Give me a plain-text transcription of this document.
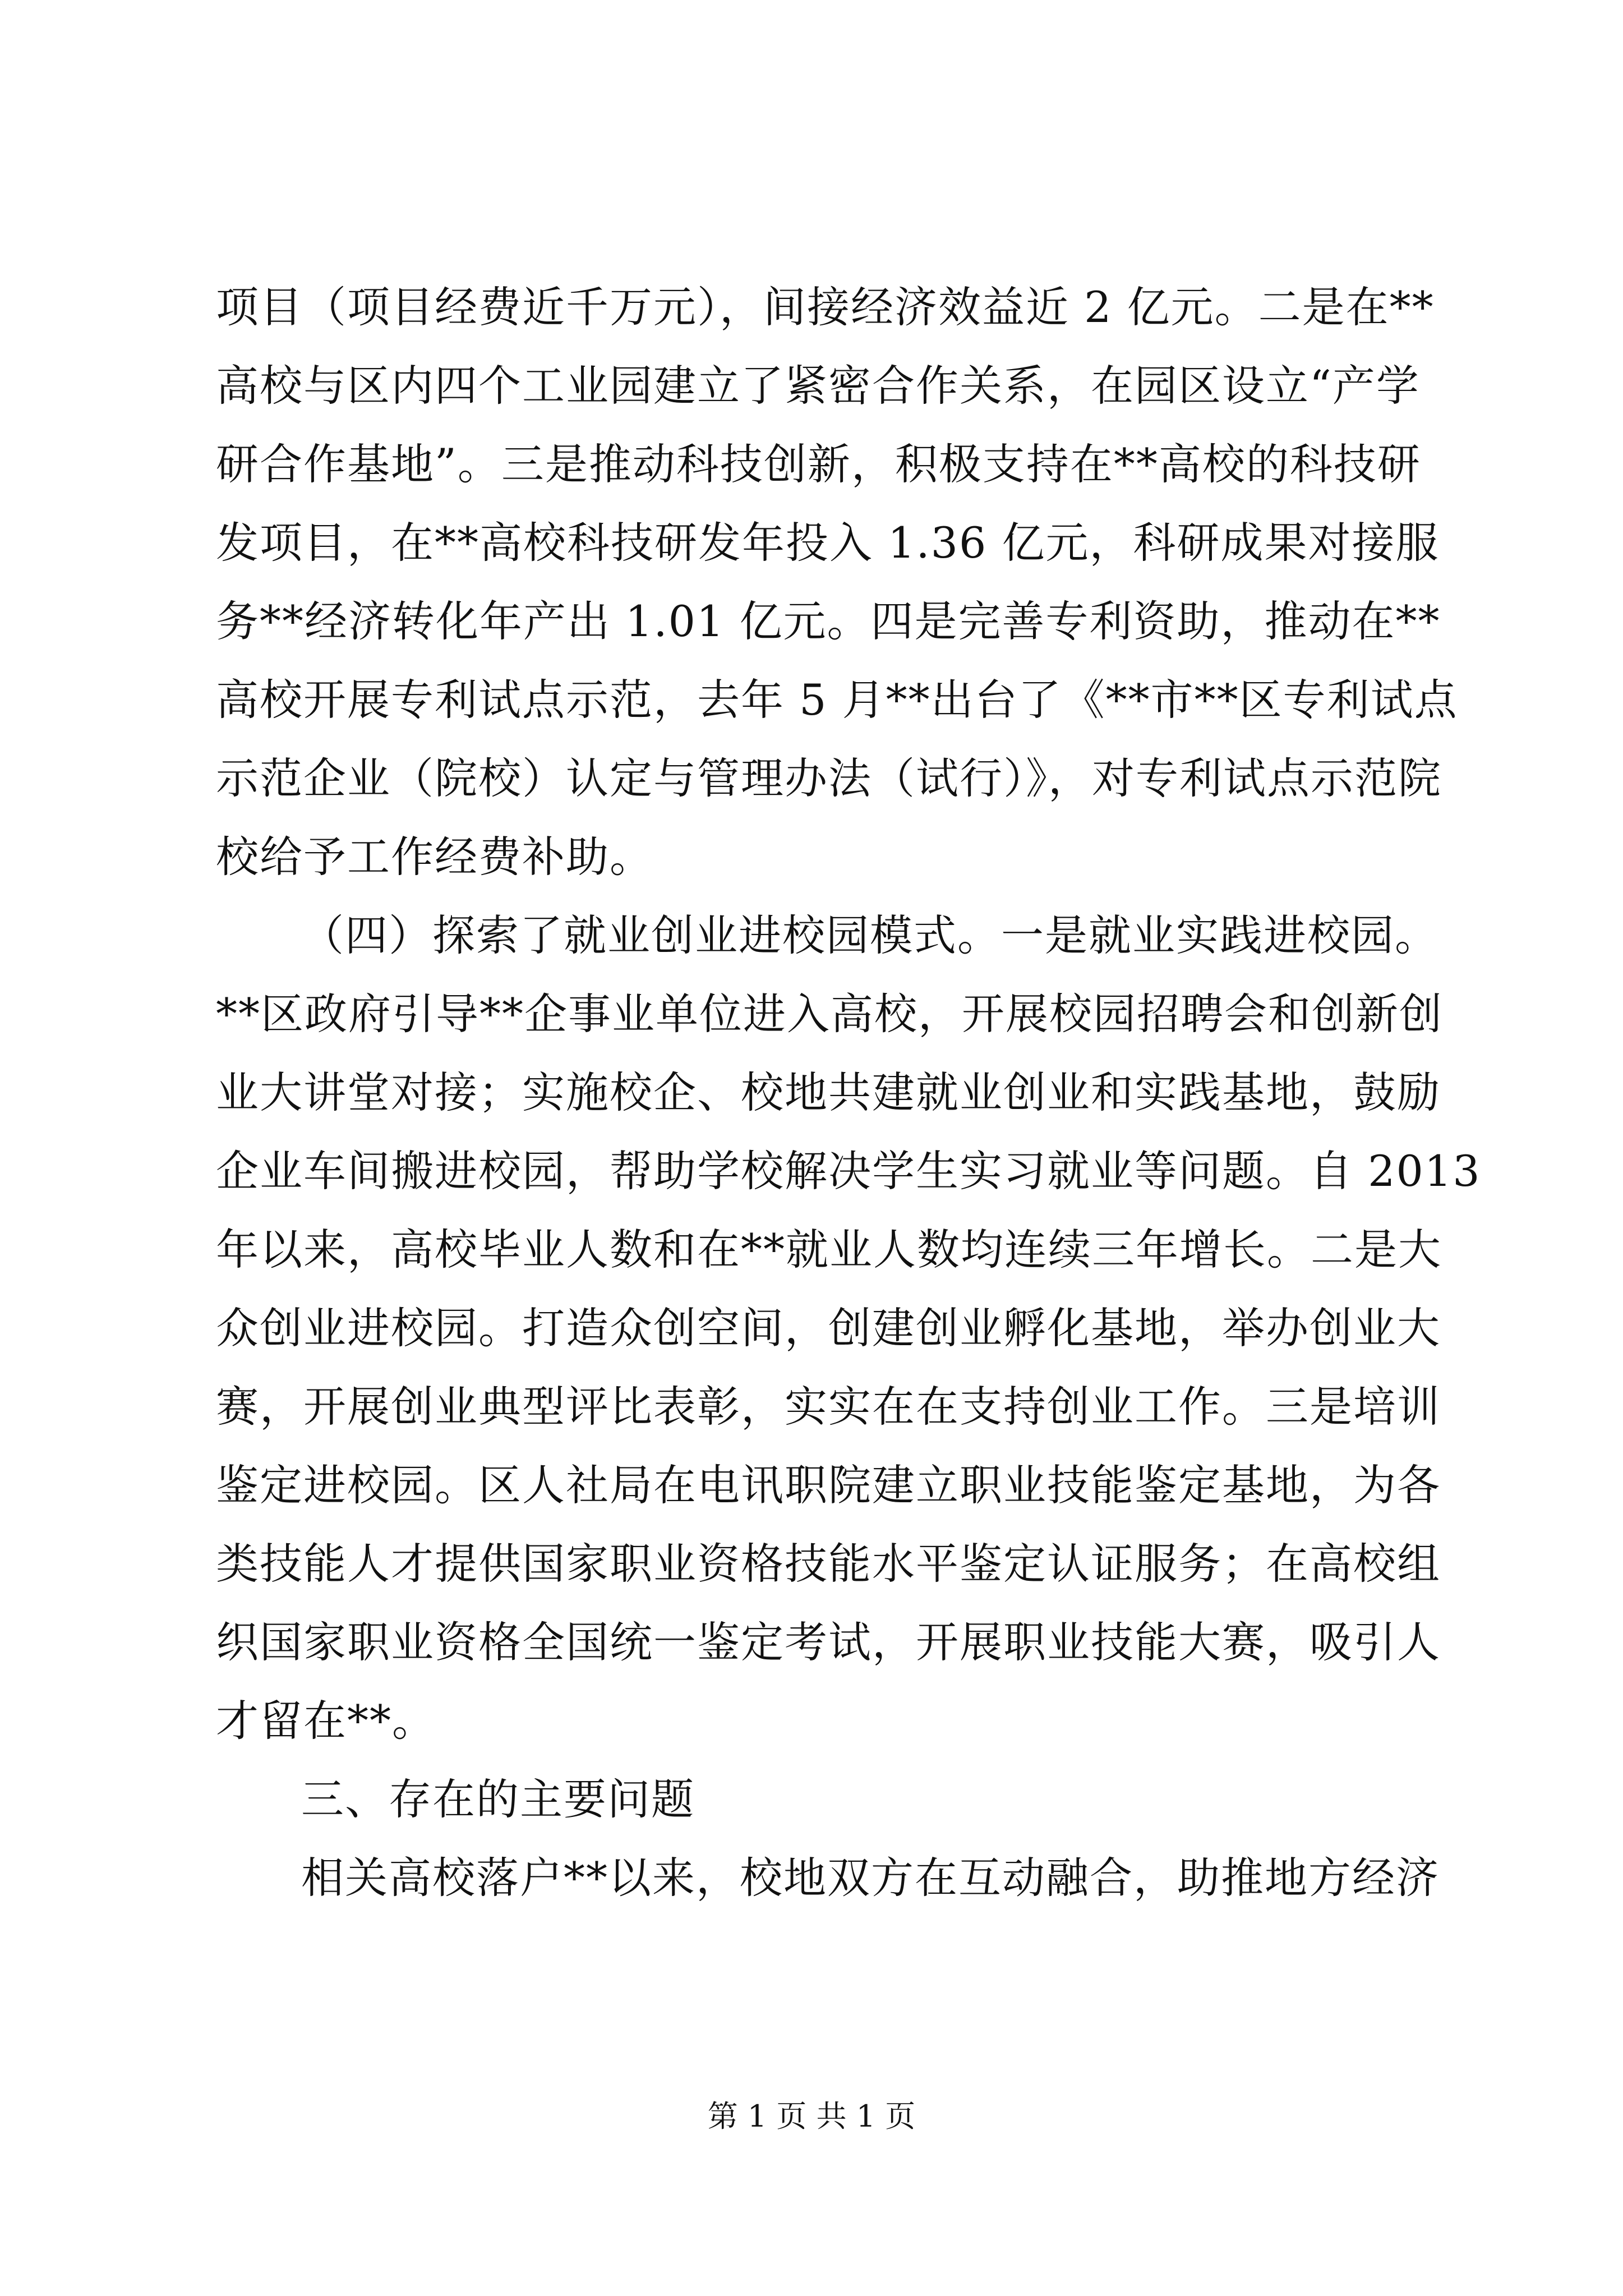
项目（项目经费近千万元），间接经济效益近 2 亿元。二是在**
高校与区内四个工业园建立了紧密合作关系，在园区设立“产学
研合作基地”。三是推动科技创新，积极支持在**高校的科技研
发项目，在**高校科技研发年投入 1.36 亿元，科研成果对接服
务**经济转化年产出 1.01 亿元。四是完善专利资助，推动在**
高校开展专利试点示范，去年 5 月**出台了《**市**区专利试点
示范企业（院校）认定与管理办法（试行）》，对专利试点示范院
校给予工作经费补助。
（四）探索了就业创业进校园模式。一是就业实践进校园。
**区政府引导**企事业单位进入高校，开展校园招聘会和创新创
业大讲堂对接；实施校企、校地共建就业创业和实践基地，鼓励
企业车间搬进校园，帮助学校解决学生实习就业等问题。自 2013
年以来，高校毕业人数和在**就业人数均连续三年增长。二是大
众创业进校园。打造众创空间，创建创业孵化基地，举办创业大
赛，开展创业典型评比表彰，实实在在支持创业工作。三是培训
鉴定进校园。区人社局在电讯职院建立职业技能鉴定基地，为各
类技能人才提供国家职业资格技能水平鉴定认证服务；在高校组
织国家职业资格全国统一鉴定考试，开展职业技能大赛，吸引人
才留在**。
三、存在的主要问题
相关高校落户**以来，校地双方在互动融合，助推地方经济
第 1 页 共 1 页
